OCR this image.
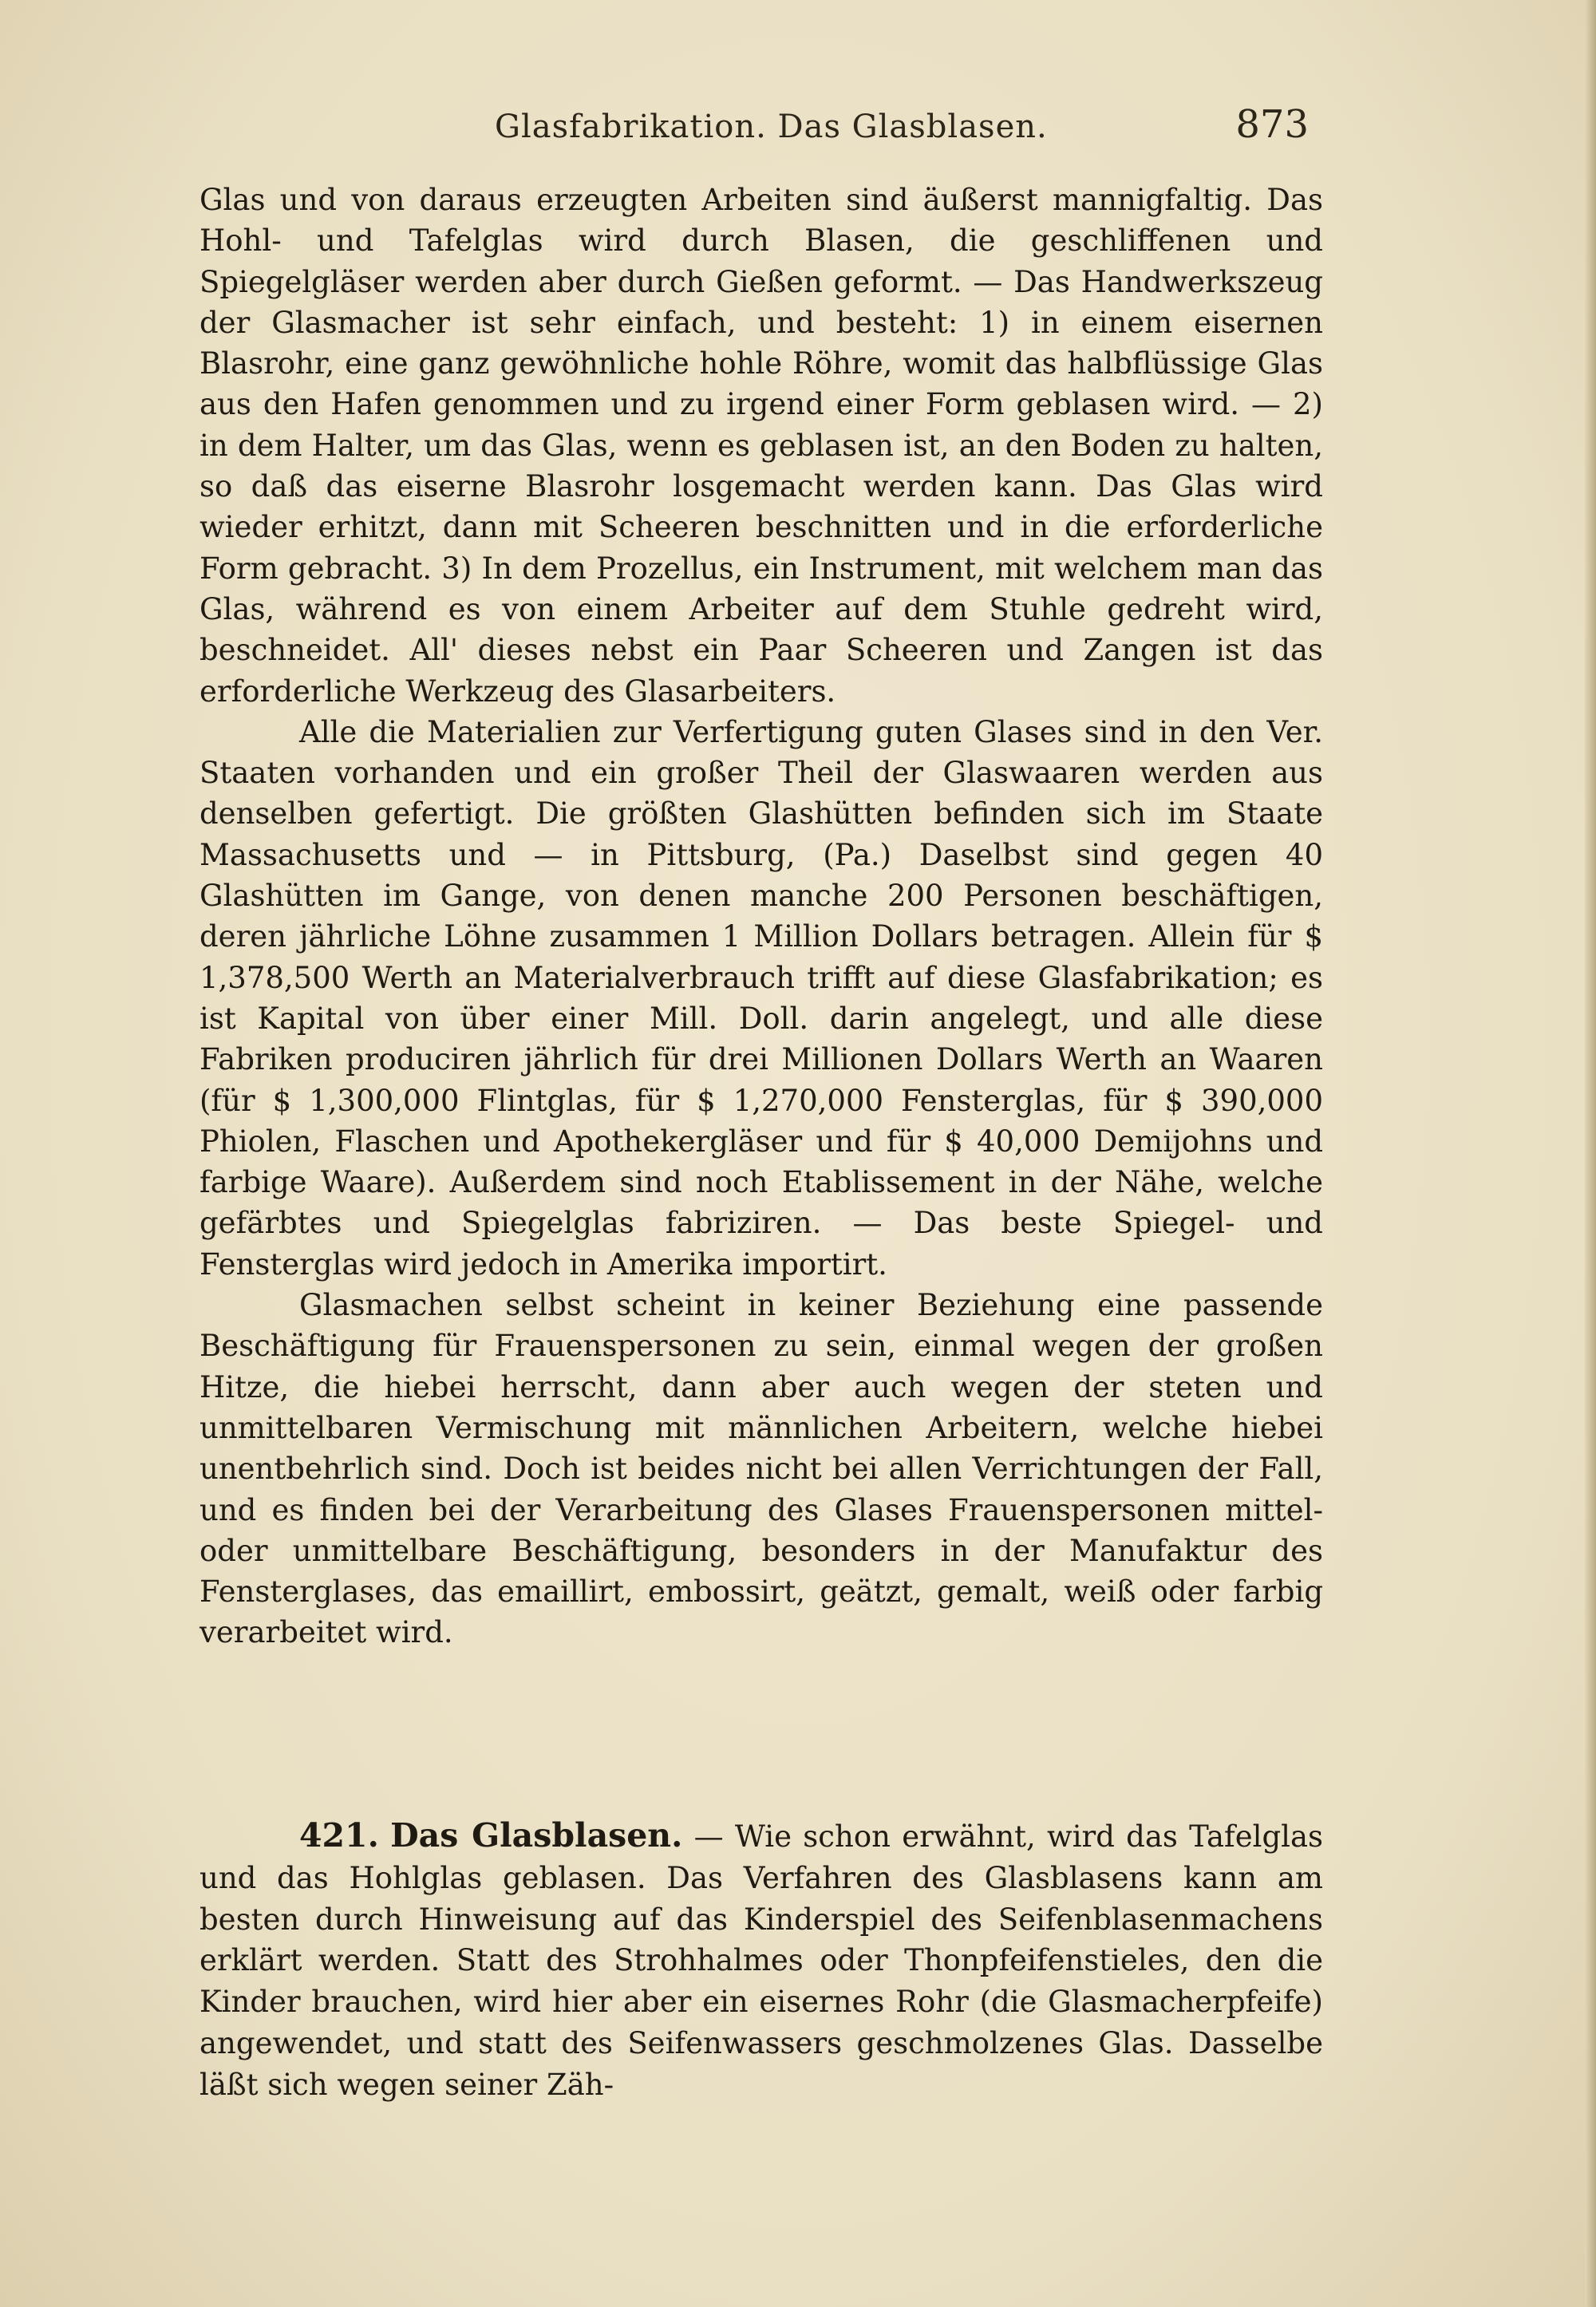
Glasfabrikation. Das Glasblasen.	873

Glas und von daraus erzeugten Arbeiten sind äußerst mannigfaltig. Das Hohl- und Tafelglas wird durch Blasen, die geschliffenen und Spiegelgläser werden aber durch Gießen geformt. — Das Handwerkszeug der Glasmacher ist sehr einfach, und besteht: 1) in einem eisernen Blasrohr, eine ganz gewöhnliche hohle Röhre, womit das halbflüssige Glas aus den Hafen genommen und zu irgend einer Form geblasen wird. — 2) in dem Halter, um das Glas, wenn es geblasen ist, an den Boden zu halten, so daß das eiserne Blasrohr losgemacht werden kann. Das Glas wird wieder erhitzt, dann mit Scheeren beschnitten und in die erforderliche Form gebracht. 3) In dem Prozellus, ein Instrument, mit welchem man das Glas, während es von einem Arbeiter auf dem Stuhle gedreht wird, beschneidet. All' dieses nebst ein Paar Scheeren und Zangen ist das erforderliche Werkzeug des Glasarbeiters.

Alle die Materialien zur Verfertigung guten Glases sind in den Ver. Staaten vorhanden und ein großer Theil der Glaswaaren werden aus denselben gefertigt. Die größten Glashütten befinden sich im Staate Massachusetts und — in Pittsburg, (Pa.) Daselbst sind gegen 40 Glashütten im Gange, von denen manche 200 Personen beschäftigen, deren jährliche Löhne zusammen 1 Million Dollars betragen. Allein für $ 1,378,500 Werth an Materialverbrauch trifft auf diese Glasfabrikation; es ist Kapital von über einer Mill. Doll. darin angelegt, und alle diese Fabriken produciren jährlich für drei Millionen Dollars Werth an Waaren (für $ 1,300,000 Flintglas, für $ 1,270,000 Fensterglas, für $ 390,000 Phiolen, Flaschen und Apothekergläser und für $ 40,000 Demijohns und farbige Waare). Außerdem sind noch Etablissement in der Nähe, welche gefärbtes und Spiegelglas fabriziren. — Das beste Spiegel- und Fensterglas wird jedoch in Amerika importirt.

Glasmachen selbst scheint in keiner Beziehung eine passende Beschäftigung für Frauenspersonen zu sein, einmal wegen der großen Hitze, die hiebei herrscht, dann aber auch wegen der steten und unmittelbaren Vermischung mit männlichen Arbeitern, welche hiebei unentbehrlich sind. Doch ist beides nicht bei allen Verrichtungen der Fall, und es finden bei der Verarbeitung des Glases Frauenspersonen mittel- oder unmittelbare Beschäftigung, besonders in der Manufaktur des Fensterglases, das emaillirt, embossirt, geätzt, gemalt, weiß oder farbig verarbeitet wird.

421. Das Glasblasen. — Wie schon erwähnt, wird das Tafelglas und das Hohlglas geblasen. Das Verfahren des Glasblasens kann am besten durch Hinweisung auf das Kinderspiel des Seifenblasenmachens erklärt werden. Statt des Strohhalmes oder Thonpfeifenstieles, den die Kinder brauchen, wird hier aber ein eisernes Rohr (die Glasmacherpfeife) angewendet, und statt des Seifenwassers geschmolzenes Glas. Dasselbe läßt sich wegen seiner Zäh-
